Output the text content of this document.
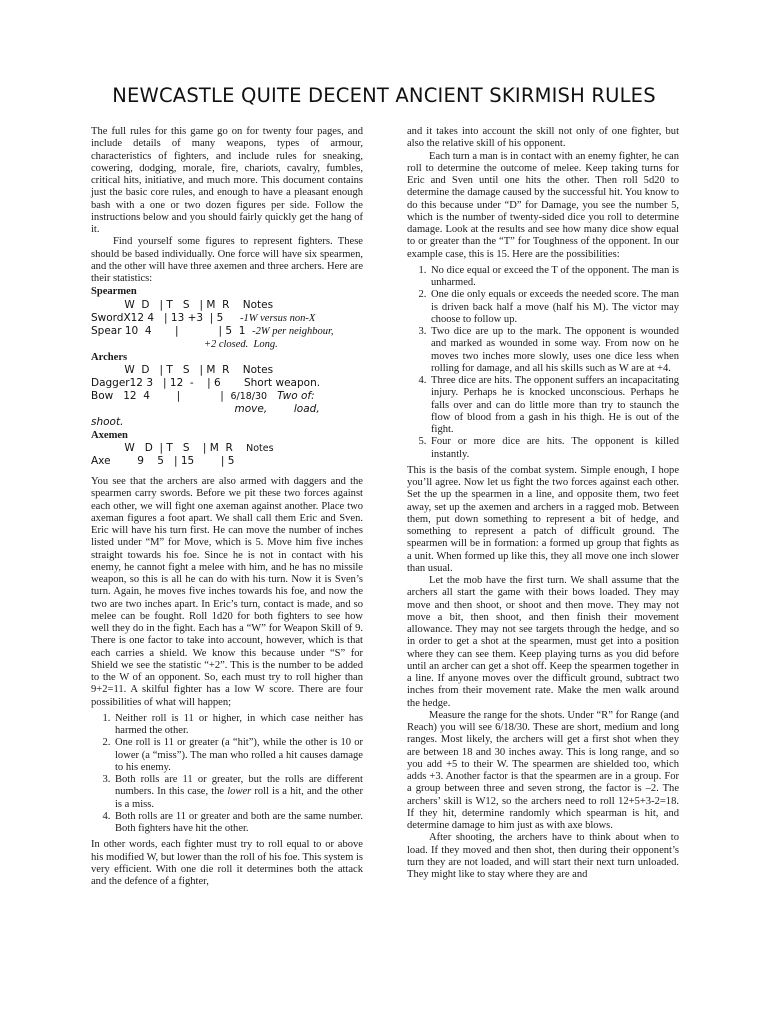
NEWCASTLE QUITE DECENT ANCIENT SKIRMISH RULES

The full rules for this game go on for twenty four pages, and include details of many weapons, types of armour, characteristics of fighters, and include rules for sneaking, cowering, dodging, morale, fire, chariots, cavalry, fumbles, critical hits, initiative, and much more. This document contains just the basic core rules, and enough to have a pleasant enough bash with a one or two dozen figures per side. Follow the instructions below and you should fairly quickly get the hang of it.

Find yourself some figures to represent fighters. These should be based individually. One force will have six spearmen, and the other will have three axemen and three archers. Here are their statistics:

Spearmen

W  D   | T   S   | M  R    Notes
SwordX12 4   | 13 +3  | 5     -1W versus non-X
Spear 10  4       |            | 5  1  -2W per neighbour,
+2 closed.  Long.

Archers

W  D   | T   S   | M  R    Notes
Dagger12 3   | 12  -    | 6       Short weapon.
Bow   12  4        |            |  6/18/30   Two of:
move,        load,
shoot.

Axemen

W   D  | T   S    | M  R    Notes
Axe        9    5   | 15        | 5

You see that the archers are also armed with daggers and the spearmen carry swords. Before we pit these two forces against each other, we will fight one axeman against another. Place two axeman figures a foot apart. We shall call them Eric and Sven. Eric will have his turn first. He can move the number of inches listed under “M” for Move, which is 5. Move him five inches straight towards his foe. Since he is not in contact with his enemy, he cannot fight a melee with him, and he has no missile weapon, so this is all he can do with his turn. Now it is Sven’s turn. Again, he moves five inches towards his foe, and now the two are two inches apart. In Eric’s turn, contact is made, and so melee can be fought. Roll 1d20 for both fighters to see how well they do in the fight. Each has a “W” for Weapon Skill of 9. There is one factor to take into account, however, which is that each carries a shield. We know this because under “S” for Shield we see the statistic “+2”. This is the number to be added to the W of an opponent. So, each must try to roll higher than 9+2=11. A skilful fighter has a low W score. There are four possibilities of what will happen;

1. Neither roll is 11 or higher, in which case neither has harmed the other.
2. One roll is 11 or greater (a “hit”), while the other is 10 or lower (a “miss”). The man who rolled a hit causes damage to his enemy.
3. Both rolls are 11 or greater, but the rolls are different numbers. In this case, the lower roll is a hit, and the other is a miss.
4. Both rolls are 11 or greater and both are the same number. Both fighters have hit the other.

In other words, each fighter must try to roll equal to or above his modified W, but lower than the roll of his foe. This system is very efficient. With one die roll it determines both the attack and the defence of a fighter,

and it takes into account the skill not only of one fighter, but also the relative skill of his opponent.

Each turn a man is in contact with an enemy fighter, he can roll to determine the outcome of melee. Keep taking turns for Eric and Sven until one hits the other. Then roll 5d20 to determine the damage caused by the successful hit. You know to do this because under “D” for Damage, you see the number 5, which is the number of twenty-sided dice you roll to determine damage. Look at the results and see how many dice show equal to or greater than the “T” for Toughness of the opponent. In our example case, this is 15. Here are the possibilities:

1. No dice equal or exceed the T of the opponent. The man is unharmed.
2. One die only equals or exceeds the needed score. The man is driven back half a move (half his M). The victor may choose to follow up.
3. Two dice are up to the mark. The opponent is wounded and marked as wounded in some way. From now on he moves two inches more slowly, uses one dice less when rolling for damage, and all his skills such as W are at +4.
4. Three dice are hits. The opponent suffers an incapacitating injury. Perhaps he is knocked unconscious. Perhaps he falls over and can do little more than try to staunch the flow of blood from a gash in his thigh. He is out of the fight.
5. Four or more dice are hits. The opponent is killed instantly.

This is the basis of the combat system. Simple enough, I hope you’ll agree. Now let us fight the two forces against each other. Set the up the spearmen in a line, and opposite them, two feet away, set up the axemen and archers in a ragged mob. Between them, put down something to represent a bit of hedge, and something to represent a patch of difficult ground. The spearmen will be in formation: a formed up group that fights as a unit. When formed up like this, they all move one inch slower than usual.

Let the mob have the first turn. We shall assume that the archers all start the game with their bows loaded. They may move and then shoot, or shoot and then move. They may not move a bit, then shoot, and then finish their movement allowance. They may not see targets through the hedge, and so in order to get a shot at the spearmen, must get into a position where they can see them. Keep playing turns as you did before until an archer can get a shot off. Keep the spearmen together in a line. If anyone moves over the difficult ground, subtract two inches from their movement rate. Make the men walk around the hedge.

Measure the range for the shots. Under “R” for Range (and Reach) you will see 6/18/30. These are short, medium and long ranges. Most likely, the archers will get a first shot when they are between 18 and 30 inches away. This is long range, and so you add +5 to their W. The spearmen are shielded too, which adds +3. Another factor is that the spearmen are in a group. For a group between three and seven strong, the factor is –2. The archers’ skill is W12, so the archers need to roll 12+5+3-2=18. If they hit, determine randomly which spearman is hit, and determine damage to him just as with axe blows.

After shooting, the archers have to think about when to load. If they moved and then shot, then during their opponent’s turn they are not loaded, and will start their next turn unloaded. They might like to stay where they are and
